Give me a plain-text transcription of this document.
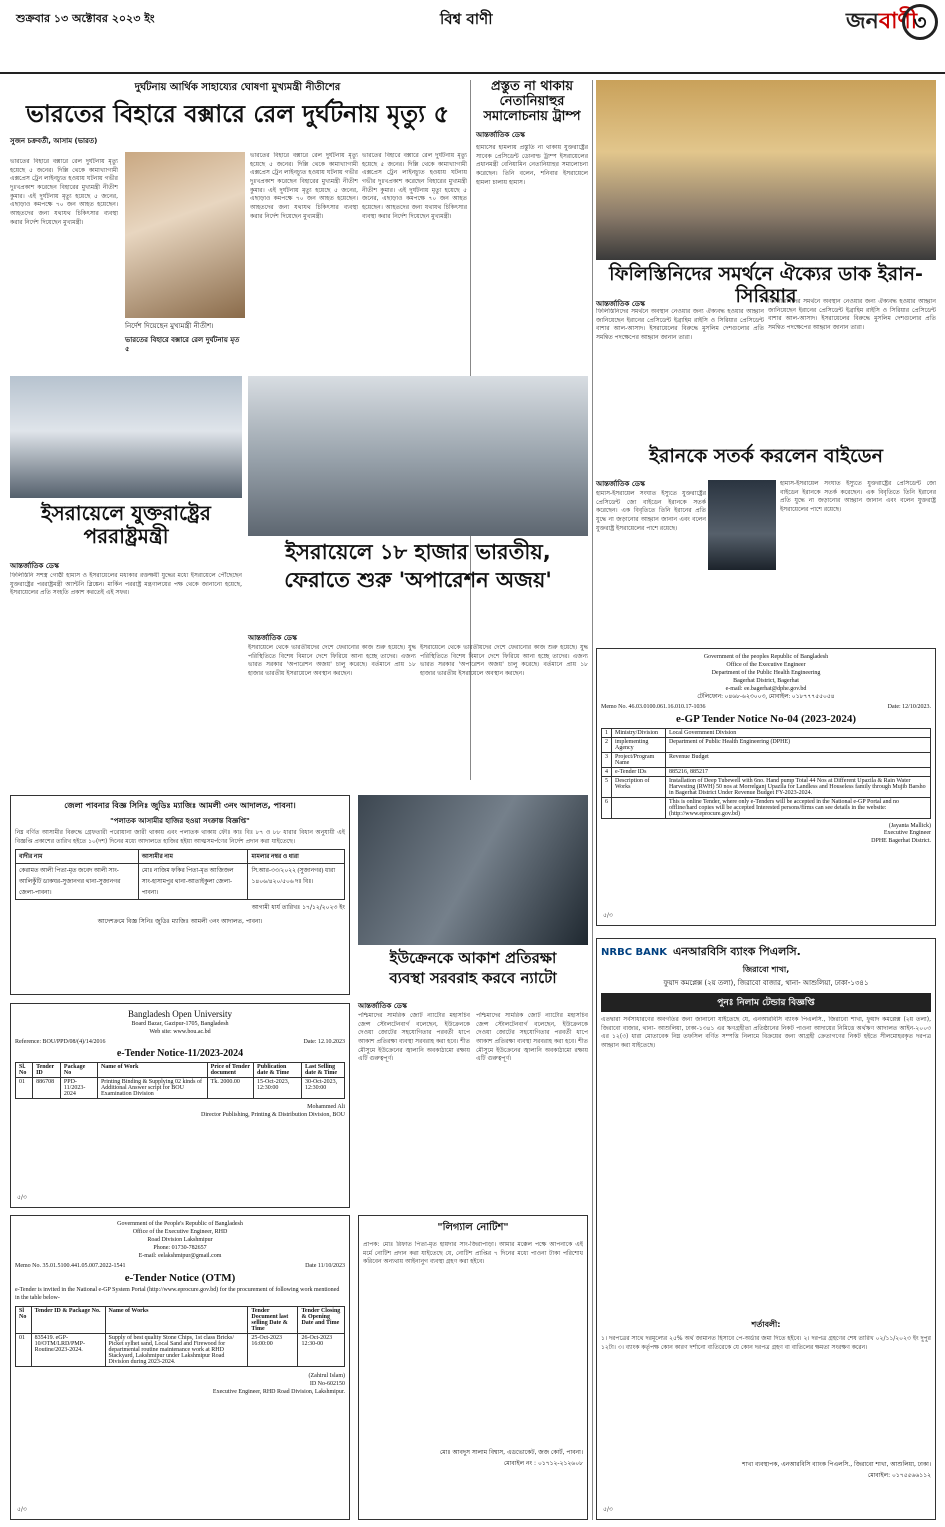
শুক্রবার ১৩ অক্টোবর ২০২৩ ইং	বিশ্ব বাণী	জনবাণী
৩
দুর্ঘটনায় আর্থিক সাহায্যের ঘোষণা মুখ্যমন্ত্রী নীতীশের
ভারতের বিহারে বক্সারে রেল দুর্ঘটনায় মৃত্যু ৫
সুজন চক্রবর্তী, আসাম (ভারত)
ভারতের বিহারে বক্সারে রেল দুর্ঘটনায় মৃত্যু হয়েছে ৫ জনের। দিল্লি থেকে কামাখ্যাগামী এক্সপ্রেস ট্রেন লাইনচ্যুত হওয়ায় ঘটনায় গভীর দুঃখপ্রকাশ করেছেন বিহারের মুখ্যমন্ত্রী নীতীশ কুমার। এই দুর্ঘটনায় মৃত্যু হয়েছে ৫ জনের, এছাড়াও কমপক্ষে ৭০ জন আহত হয়েছেন। আহতদের জন্য যথাযথ চিকিৎসার ব্যবস্থা করার নির্দেশ দিয়েছেন মুখ্যমন্ত্রী।
নির্দেশ দিয়েছেন মুখ্যমন্ত্রী নীতীশ।
ভারতের বিহারে বক্সারে রেল দুর্ঘটনায় মৃত ৫
ভারতের বিহারে বক্সারে রেল দুর্ঘটনায় মৃত্যু হয়েছে ৫ জনের। দিল্লি থেকে কামাখ্যাগামী এক্সপ্রেস ট্রেন লাইনচ্যুত হওয়ায় ঘটনায় গভীর দুঃখপ্রকাশ করেছেন বিহারের মুখ্যমন্ত্রী নীতীশ কুমার। এই দুর্ঘটনায় মৃত্যু হয়েছে ৫ জনের, এছাড়াও কমপক্ষে ৭০ জন আহত হয়েছেন। আহতদের জন্য যথাযথ চিকিৎসার ব্যবস্থা করার নির্দেশ দিয়েছেন মুখ্যমন্ত্রী।
ভারতের বিহারে বক্সারে রেল দুর্ঘটনায় মৃত্যু হয়েছে ৫ জনের। দিল্লি থেকে কামাখ্যাগামী এক্সপ্রেস ট্রেন লাইনচ্যুত হওয়ায় ঘটনায় গভীর দুঃখপ্রকাশ করেছেন বিহারের মুখ্যমন্ত্রী নীতীশ কুমার। এই দুর্ঘটনায় মৃত্যু হয়েছে ৫ জনের, এছাড়াও কমপক্ষে ৭০ জন আহত হয়েছেন। আহতদের জন্য যথাযথ চিকিৎসার ব্যবস্থা করার নির্দেশ দিয়েছেন মুখ্যমন্ত্রী।
ইসরায়েলে যুক্তরাষ্ট্রের পররাষ্ট্রমন্ত্রী
আন্তর্জাতিক ডেস্ক
ফিলিস্তিনি সশস্ত্র গোষ্ঠী হামাস ও ইসরায়েলের মধ্যকার রক্তক্ষয়ী যুদ্ধের মধ্যে ইসরায়েলে পৌঁছেছেন যুক্তরাষ্ট্রের পররাষ্ট্রমন্ত্রী অ্যান্টনি ব্লিঙ্কেন। মার্কিন পররাষ্ট্র মন্ত্রণালয়ের পক্ষ থেকে জানানো হয়েছে, ইসরায়েলের প্রতি সংহতি প্রকাশ করতেই এই সফর।
ইসরায়েলে ১৮ হাজার ভারতীয়,
ফেরাতে শুরু 'অপারেশন অজয়'
আন্তর্জাতিক ডেস্ক
ইসরায়েলে থেকে ভারতীয়দের দেশে ফেরানোর কাজ শুরু হয়েছে। যুদ্ধ পরিস্থিতিতে বিশেষ বিমানে দেশে ফিরিয়ে আনা হচ্ছে তাদের। এজন্য ভারত সরকার 'অপারেশন অজয়' চালু করেছে। বর্তমানে প্রায় ১৮ হাজার ভারতীয় ইসরায়েলে অবস্থান করছেন।
ইসরায়েলে থেকে ভারতীয়দের দেশে ফেরানোর কাজ শুরু হয়েছে। যুদ্ধ পরিস্থিতিতে বিশেষ বিমানে দেশে ফিরিয়ে আনা হচ্ছে তাদের। এজন্য ভারত সরকার 'অপারেশন অজয়' চালু করেছে। বর্তমানে প্রায় ১৮ হাজার ভারতীয় ইসরায়েলে অবস্থান করছেন।
প্রস্তুত না থাকায় নেতানিয়াহুর সমালোচনায় ট্রাম্প
আন্তর্জাতিক ডেস্ক
হামাসের হামলায় প্রস্তুতি না থাকায় যুক্তরাষ্ট্রের সাবেক প্রেসিডেন্ট ডোনাল্ড ট্রাম্প ইসরায়েলের প্রধানমন্ত্রী বেনিয়ামিন নেতানিয়াহুর সমালোচনা করেছেন। তিনি বলেন, শনিবার ইসরায়েলে হামলা চালায় হামাস।
ফিলিস্তিনিদের সমর্থনে ঐক্যের ডাক ইরান-সিরিয়ার
আন্তর্জাতিক ডেস্ক
ফিলিস্তিনিদের সমর্থনে অবস্থান নেওয়ার জন্য ঐক্যবদ্ধ হওয়ার আহ্বান জানিয়েছেন ইরানের প্রেসিডেন্ট ইব্রাহিম রাইসি ও সিরিয়ার প্রেসিডেন্ট বাশার আল-আসাদ। ইসরায়েলের বিরুদ্ধে মুসলিম দেশগুলোর প্রতি সমন্বিত পদক্ষেপের আহ্বান জানান তারা।
ফিলিস্তিনিদের সমর্থনে অবস্থান নেওয়ার জন্য ঐক্যবদ্ধ হওয়ার আহ্বান জানিয়েছেন ইরানের প্রেসিডেন্ট ইব্রাহিম রাইসি ও সিরিয়ার প্রেসিডেন্ট বাশার আল-আসাদ। ইসরায়েলের বিরুদ্ধে মুসলিম দেশগুলোর প্রতি সমন্বিত পদক্ষেপের আহ্বান জানান তারা।
ইরানকে সতর্ক করলেন বাইডেন
আন্তর্জাতিক ডেস্ক
হামাস-ইসরায়েল সংঘাত ইস্যুতে যুক্তরাষ্ট্রের প্রেসিডেন্ট জো বাইডেন ইরানকে সতর্ক করেছেন। এক বিবৃতিতে তিনি ইরানের প্রতি যুদ্ধে না জড়ানোর আহ্বান জানান এবং বলেন যুক্তরাষ্ট্র ইসরায়েলের পাশে রয়েছে।
হামাস-ইসরায়েল সংঘাত ইস্যুতে যুক্তরাষ্ট্রের প্রেসিডেন্ট জো বাইডেন ইরানকে সতর্ক করেছেন। এক বিবৃতিতে তিনি ইরানের প্রতি যুদ্ধে না জড়ানোর আহ্বান জানান এবং বলেন যুক্তরাষ্ট্র ইসরায়েলের পাশে রয়েছে।
Government of the peoples Republic of Bangladesh
Office of the Executive Engineer
Department of the Public Health Engineering
Bagerhat District, Bagerhat
e-mail: ee.bagerhat@dphe.gov.bd
টেলিফোন: ০৪৬৮-৬২৩০০৩, মোবাইল: ০১৮৭৭৭৫৫০৫৪
Memo No. 46.03.0100.061.16.010.17-1036	Date: 12/10/2023.
e-GP Tender Notice No-04 (2023-2024)
1	Ministry/Division	Local Government Division
2	implementing Agency	Department of Public Health Engineering (DPHE)
3	Project/Program Name	Revenue Budget
4	e-Tender IDs	885216, 885217
5	Description of Works	Installation of Deep Tubewell with 6no. Hand pump Total 44 Nos at Different Upazila & Rain Water Harvesting (RWH) 50 nos at Morrelganj Upazila for Landless and Houseless family through Mujib Barsho in Bagerhat District Under Revenue Budget FY-2023-2024.
6		This is online Tender, where only e-Tenders will be accepted in the National e-GP Portal and no offline/hard copies will be accepted Interested persons/firms can see details in the website: (http://www.eprocure.gov.bd)
(Jayanta Mallick)
Executive Engineer
DPHE Bagerhat District.
৫/৩
NRBC BANK এনআরবিসি ব্যাংক পিএলসি.
জিরাবো শাখা,
ফুয়াদ কমপ্লেক্স (২য় তলা), জিরাবো বাজার, থানা- আশুলিয়া, ঢাকা-১৩৪১
পুনঃ নিলাম টেন্ডার বিজ্ঞপ্তি
এতদ্বারা সর্বসাধারণের অবগতির জন্য জানানো যাইতেছে যে, এনআরবিসি ব্যাংক পিএলসি., জিরাবো শাখা, ফুয়াদ কমপ্লেক্স (২য় তলা), জিরাবো বাজার, থানা- আশুলিয়া, ঢাকা-১৩৪১ এর ঋণগ্রহীতা প্রতিষ্ঠানের নিকট পাওনা আদায়ের নিমিত্তে অর্থঋণ আদালত আইন-২০০৩ এর ১২(৩) ধারা মোতাবেক নিম্ন তফসিল বর্ণিত সম্পত্তি নিলামে বিক্রয়ের জন্য আগ্রহী ক্রেতাগণের নিকট হইতে সীলমোহরকৃত দরপত্র আহ্বান করা যাইতেছে।
শর্তাবলী:
১। দরপত্রের সাথে দরমূল্যের ২৫% অর্থ জামানত হিসাবে পে-অর্ডার জমা দিতে হইবে। ২। দরপত্র গ্রহণের শেষ তারিখ ০২/১১/২০২৩ ইং দুপুর ১২টা। ৩। ব্যাংক কর্তৃপক্ষ কোন কারণ দর্শানো ব্যতিরেকে যে কোন দরপত্র গ্রহণ বা বাতিলের ক্ষমতা সংরক্ষণ করেন।
শাখা ব্যবস্থাপক, এনআরবিসি ব্যাংক পিএলসি., জিরাবো শাখা, আশুলিয়া, ঢাকা।
মোবাইল: ০১৭৫৫৬৬১১২
৫/৩
জেলা পাবনার বিজ্ঞ সিনিঃ জুডিঃ ম্যাজিঃ আমলী ৩নং আদালত, পাবনা।
"পলাতক আসামীর হাজির হওয়া সংক্রান্ত বিজ্ঞপ্তি"
নিম্ন বর্ণিত আসামীর বিরুদ্ধে গ্রেফতারী পরোয়ানা জারী থাকায় এবং পলাতক থাকায় ফৌঃ কাঃ বিঃ ৮৭ ও ৮৮ ধারার বিধান অনুযায়ী এই বিজ্ঞপ্তি প্রকাশের তারিখ হইতে ১০(দশ) দিনের মধ্যে আদালতে হাজির হইয়া আত্মসমর্পণের নির্দেশ প্রদান করা যাইতেছে।
বাদীর নাম	আসামীর নাম	মামলার নম্বর ও ধারা
কেরামত আলী পিতা-মৃত জবেদ আলী সাং-আলিকুঁটি ডাকঘর-সুজানগর থানা-সুজানগর জেলা-পাবনা।	মোঃ নাজিম ফকির পিতা-মৃত আজিজল সাং-হাসামপুর থানা-আতাইকুলা জেলা-পাবনা।	সি.আর-৩৩/২০২২ (সুজানগর) ধারা ১৪০৬/৪২০/৫০৬ দঃ বিঃ।
আগামী ধার্য তারিখঃ ১৭/১২/২০২৩ ইং
আদেশক্রমে বিজ্ঞ সিনিঃ জুডিঃ ম্যাজিঃ আমলী ৩নং আদালত, পাবনা।
ইউক্রেনকে আকাশ প্রতিরক্ষা
ব্যবস্থা সরবরাহ করবে ন্যাটো
আন্তর্জাতিক ডেস্ক
পশ্চিমাদের সামরিক জোট ন্যাটোর মহাসচিব জেন্স স্টোলটেনবার্গ বলেছেন, ইউক্রেনকে দেওয়া জোটের সহযোগিতার পরবর্তী ধাপে আকাশ প্রতিরক্ষা ব্যবস্থা সরবরাহ করা হবে। শীত মৌসুমে ইউক্রেনের জ্বালানি অবকাঠামো রক্ষায় এটি গুরুত্বপূর্ণ।
পশ্চিমাদের সামরিক জোট ন্যাটোর মহাসচিব জেন্স স্টোলটেনবার্গ বলেছেন, ইউক্রেনকে দেওয়া জোটের সহযোগিতার পরবর্তী ধাপে আকাশ প্রতিরক্ষা ব্যবস্থা সরবরাহ করা হবে। শীত মৌসুমে ইউক্রেনের জ্বালানি অবকাঠামো রক্ষায় এটি গুরুত্বপূর্ণ।
Bangladesh Open University
Board Bazar, Gazipur-1705, Bangladesh
Web site: www.bou.ac.bd
Reference: BOU/PPD/08/(4)/14/2016	Date: 12.10.2023
e-Tender Notice-11/2023-2024
Sl. No	Tender ID	Package No	Name of Work	Price of Tender document	Publication date & Time	Last Selling date & Time
01	886708	PPD-11/2023-2024	Printing Binding & Supplying 02 kinds of Additional Answer script for BOU Examination Division	Tk. 2000.00	15-Oct-2023, 12:30:00	30-Oct-2023, 12:30:00
Mohammed Ali
Director Publishing, Printing & Distribution Division, BOU
৫/৩
"লিগ্যাল নোটিশ"
প্রাপক: মোঃ রিফাত পিতা-মৃত হায়দার সাং-জিরাপাড়া। আমার মক্কেল পক্ষে আপনাকে এই মর্মে নোটিশ প্রদান করা যাইতেছে যে, নোটিশ প্রাপ্তির ৭ দিনের মধ্যে পাওনা টাকা পরিশোধ করিবেন অন্যথায় আইনানুগ ব্যবস্থা গ্রহণ করা হইবে।
মোঃ আবদুস সালাম বিশ্বাস, এডভোকেট, জজ কোর্ট, পাবনা।
মোবাইল নং : ০১৭১২-২১২৬০৮
Government of the People's Republic of Bangladesh
Office of the Executive Engineer, RHD
Road Division Lakshmipur
Phone: 01730-782657
E-mail: eelakshmipur@gmail.com
Memo No. 35.01.5100.441.05.007.2022-1541	Date 11/10/2023
e-Tender Notice (OTM)
e-Tender is invited in the National e-GP System Portal (http://www.eprocure.gov.bd) for the procurement of following work mentioned in the table below-
Sl No	Tender ID & Package No.	Name of Works	Tender Document last selling Date & Time	Tender Closing & Opening Date and Time
01	835419. eGP-10/OTM/LRD/PMP-Routine/2023-2024.	Supply of best quality Stone Chips, 1st class Bricks/ Picket sylhet sand, Local Sand and Firewood for departmental routine maintenance work at RHD Stackyard, Lakshmipur under Lakshmipur Road Division during 2023-2024.	25-Oct-2023 16:00:00	26-Oct-2023 12:30-00
(Zahirul Islam)
ID No-602150
Executive Engineer, RHD Road Division, Lakshmipur.
৫/৩
